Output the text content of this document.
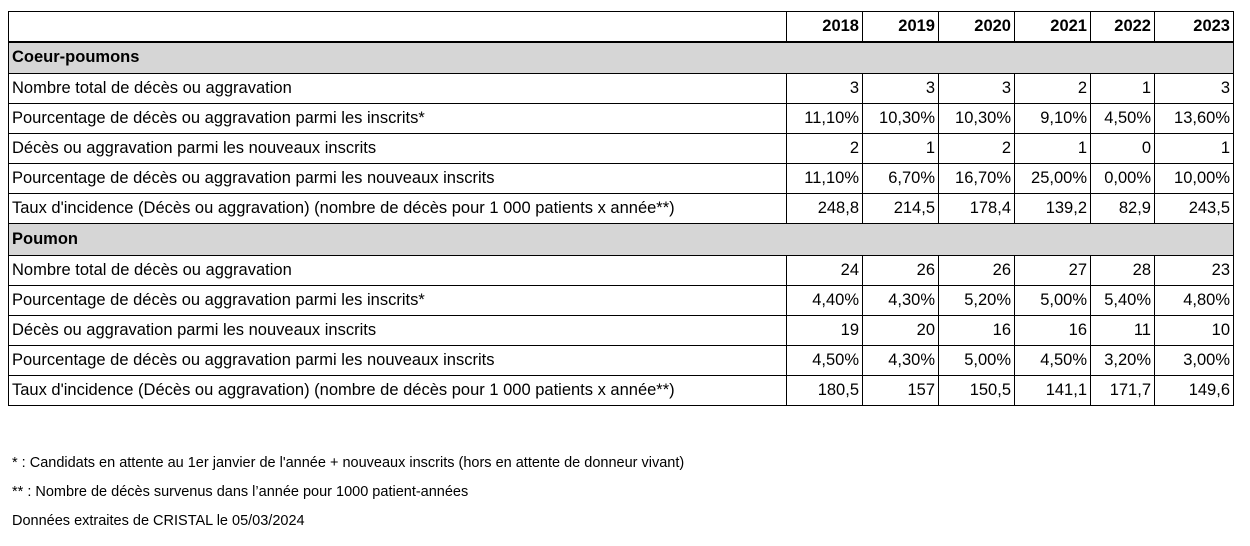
	2018	2019	2020	2021	2022	2023
Coeur-poumons						
Nombre total de décès ou aggravation	3	3	3	2	1	3
Pourcentage de décès ou aggravation parmi les inscrits*	11,10%	10,30%	10,30%	9,10%	4,50%	13,60%
Décès ou aggravation parmi les nouveaux inscrits	2	1	2	1	0	1
Pourcentage de décès ou aggravation parmi les nouveaux inscrits	11,10%	6,70%	16,70%	25,00%	0,00%	10,00%
Taux d'incidence (Décès ou aggravation) (nombre de décès pour 1 000 patients x année**)	248,8	214,5	178,4	139,2	82,9	243,5
Poumon						
Nombre total de décès ou aggravation	24	26	26	27	28	23
Pourcentage de décès ou aggravation parmi les inscrits*	4,40%	4,30%	5,20%	5,00%	5,40%	4,80%
Décès ou aggravation parmi les nouveaux inscrits	19	20	16	16	11	10
Pourcentage de décès ou aggravation parmi les nouveaux inscrits	4,50%	4,30%	5,00%	4,50%	3,20%	3,00%
Taux d'incidence (Décès ou aggravation) (nombre de décès pour 1 000 patients x année**)	180,5	157	150,5	141,1	171,7	149,6
* : Candidats en attente au 1er janvier de l'année + nouveaux inscrits (hors en attente de donneur vivant)
** : Nombre de décès survenus dans l’année pour 1000 patient-années
Données extraites de CRISTAL le 05/03/2024
